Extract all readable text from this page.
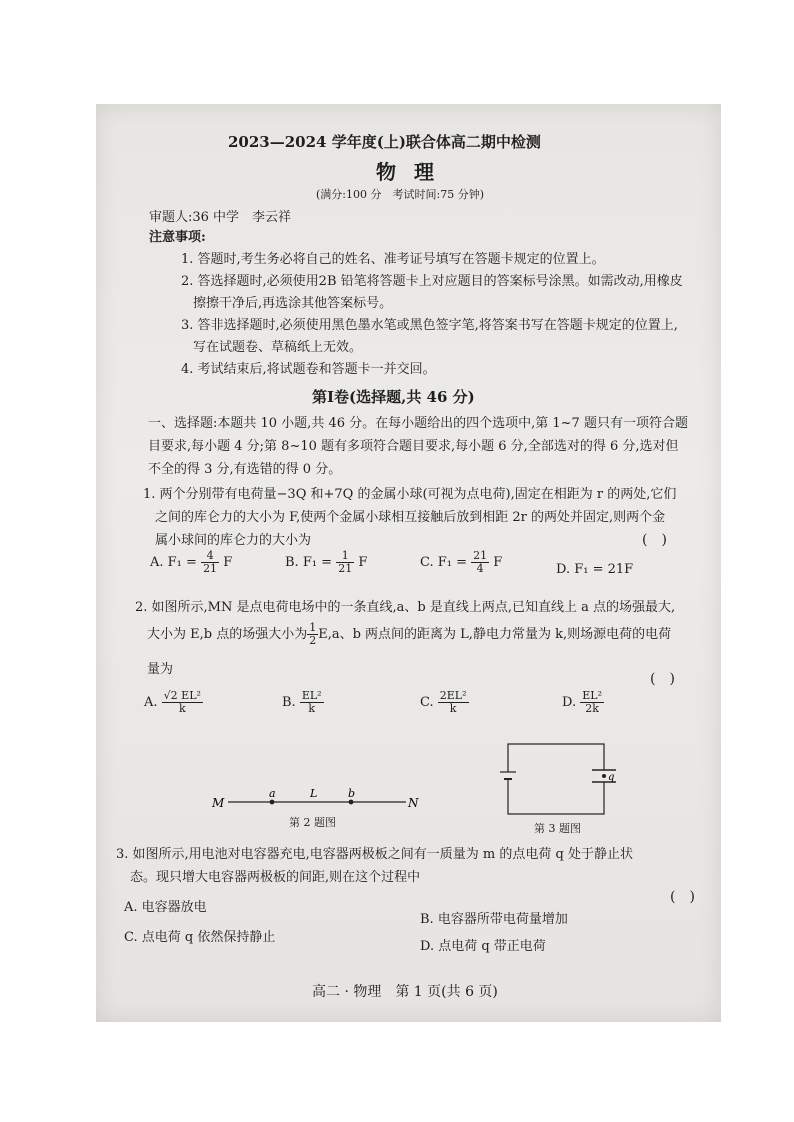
2023—2024 学年度(上)联合体高二期中检测
物理
(满分:100 分　考试时间:75 分钟)
审题人:36 中学　李云祥
注意事项:
1. 答题时,考生务必将自己的姓名、准考证号填写在答题卡规定的位置上。
2. 答选择题时,必须使用2B 铅笔将答题卡上对应题目的答案标号涂黑。如需改动,用橡皮
擦擦干净后,再选涂其他答案标号。
3. 答非选择题时,必须使用黑色墨水笔或黑色签字笔,将答案书写在答题卡规定的位置上,
写在试题卷、草稿纸上无效。
4. 考试结束后,将试题卷和答题卡一并交回。
第Ⅰ卷(选择题,共 46 分)
一、选择题:本题共 10 小题,共 46 分。在每小题给出的四个选项中,第 1~7 题只有一项符合题
目要求,每小题 4 分;第 8~10 题有多项符合题目要求,每小题 6 分,全部选对的得 6 分,选对但
不全的得 3 分,有选错的得 0 分。
1. 两个分别带有电荷量−3Q 和+7Q 的金属小球(可视为点电荷),固定在相距为 r 的两处,它们
之间的库仑力的大小为 F,使两个金属小球相互接触后放到相距 2r 的两处并固定,则两个金
属小球间的库仑力的大小为	(　)
A. $F_1 = \frac{4}{21}$ F	B. $F_1 = \frac{1}{21}$ F	C. $F_1 = \frac{21}{4}$ F	D. F₁ = 21F
2. 如图所示,MN 是点电荷电场中的一条直线,a、b 是直线上两点,已知直线上 a 点的场强最大,
大小为 E,b 点的场强大小为 $\frac{1}{2} E,a$、b 两点间的距离为 L,静电力常量为 k,则场源电荷的电荷
量为
(　)
A. $\frac{\text{√2 EL²}}{k}$	B. $\frac{\text{EL²}}{k}$	C. $\frac{\text{2EL²}}{k}$	D. $\frac{\text{EL²}}{2k}$
M
a	L	b
N
第 2 题图
q
第 3 题图
3. 如图所示,用电池对电容器充电,电容器两极板之间有一质量为 m 的点电荷 q 处于静止状
态。现只增大电容器两极板的间距,则在这个过程中
(　)
A. 电容器放电
B. 电容器所带电荷量增加
C. 点电荷 q 依然保持静止
D. 点电荷 q 带正电荷
高二 · 物理　第 1 页(共 6 页)
